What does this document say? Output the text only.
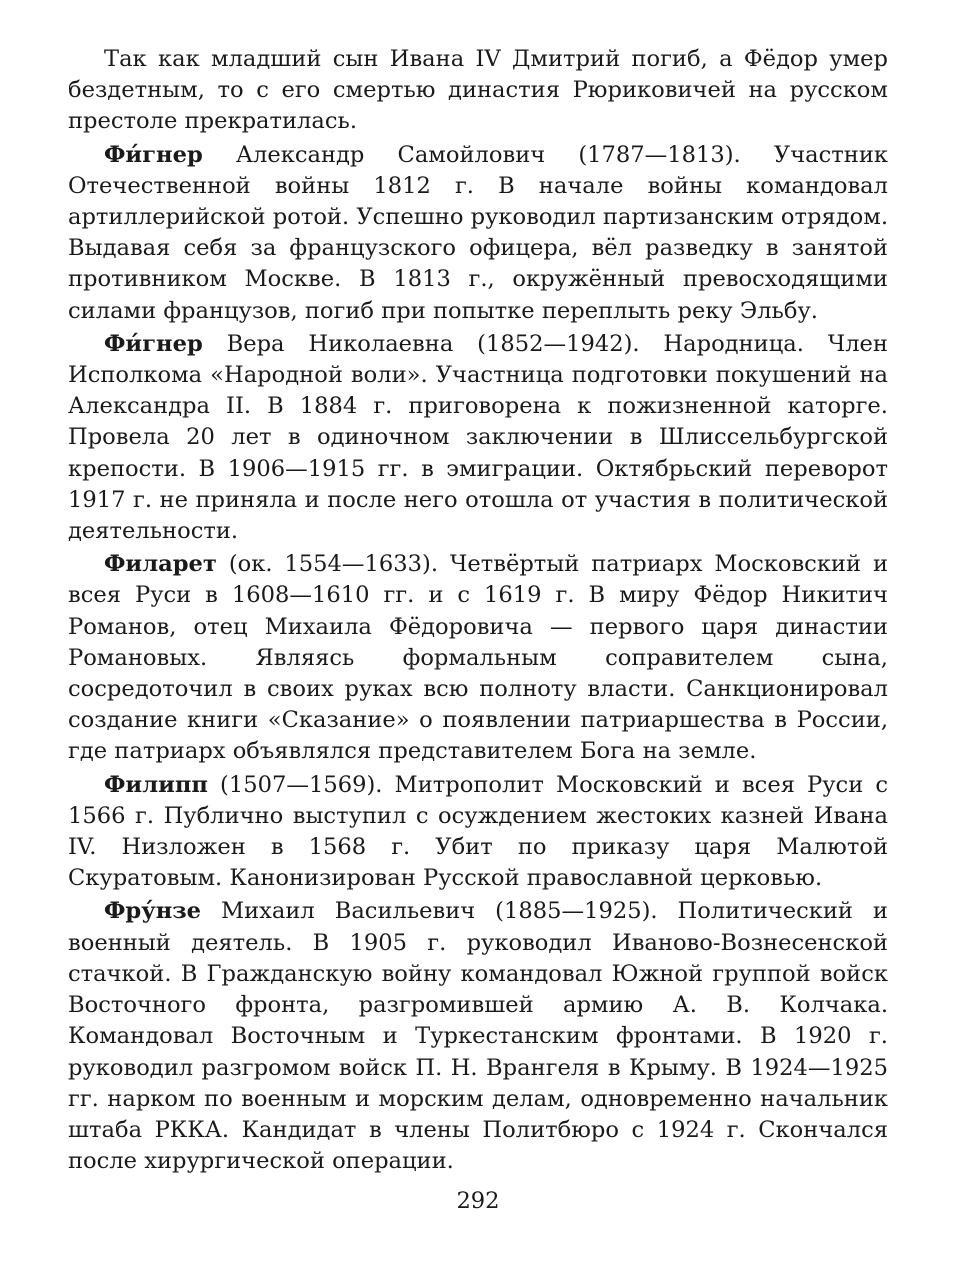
Так как младший сын Ивана IV Дмитрий погиб, а Фёдор умер бездетным, то с его смертью династия Рюриковичей на русском престоле прекратилась.

Фи́гнер Александр Самойлович (1787—1813). Участник Отечественной войны 1812 г. В начале войны командовал артиллерийской ротой. Успешно руководил партизанским отрядом. Выдавая себя за французского офицера, вёл разведку в занятой противником Москве. В 1813 г., окружённый превосходящими силами французов, погиб при попытке переплыть реку Эльбу.

Фи́гнер Вера Николаевна (1852—1942). Народница. Член Исполкома «Народной воли». Участница подготовки покушений на Александра II. В 1884 г. приговорена к пожизненной каторге. Провела 20 лет в одиночном заключении в Шлиссельбургской крепости. В 1906—1915 гг. в эмиграции. Октябрьский переворот 1917 г. не приняла и после него отошла от участия в политической деятельности.

Филарет (ок. 1554—1633). Четвёртый патриарх Московский и всея Руси в 1608—1610 гг. и с 1619 г. В миру Фёдор Никитич Романов, отец Михаила Фёдоровича — первого царя династии Романовых. Являясь формальным соправителем сына, сосредоточил в своих руках всю полноту власти. Санкционировал создание книги «Сказание» о появлении патриаршества в России, где патриарх объявлялся представителем Бога на земле.

Филипп (1507—1569). Митрополит Московский и всея Руси с 1566 г. Публично выступил с осуждением жестоких казней Ивана IV. Низложен в 1568 г. Убит по приказу царя Малютой Скуратовым. Канонизирован Русской православной церковью.

Фру́нзе Михаил Васильевич (1885—1925). Политический и военный деятель. В 1905 г. руководил Иваново-Вознесенской стачкой. В Гражданскую войну командовал Южной группой войск Восточного фронта, разгромившей армию А. В. Колчака. Командовал Восточным и Туркестанским фронтами. В 1920 г. руководил разгромом войск П. Н. Врангеля в Крыму. В 1924—1925 гг. нарком по военным и морским делам, одновременно начальник штаба РККА. Кандидат в члены Политбюро с 1924 г. Скончался после хирургической операции.

292
